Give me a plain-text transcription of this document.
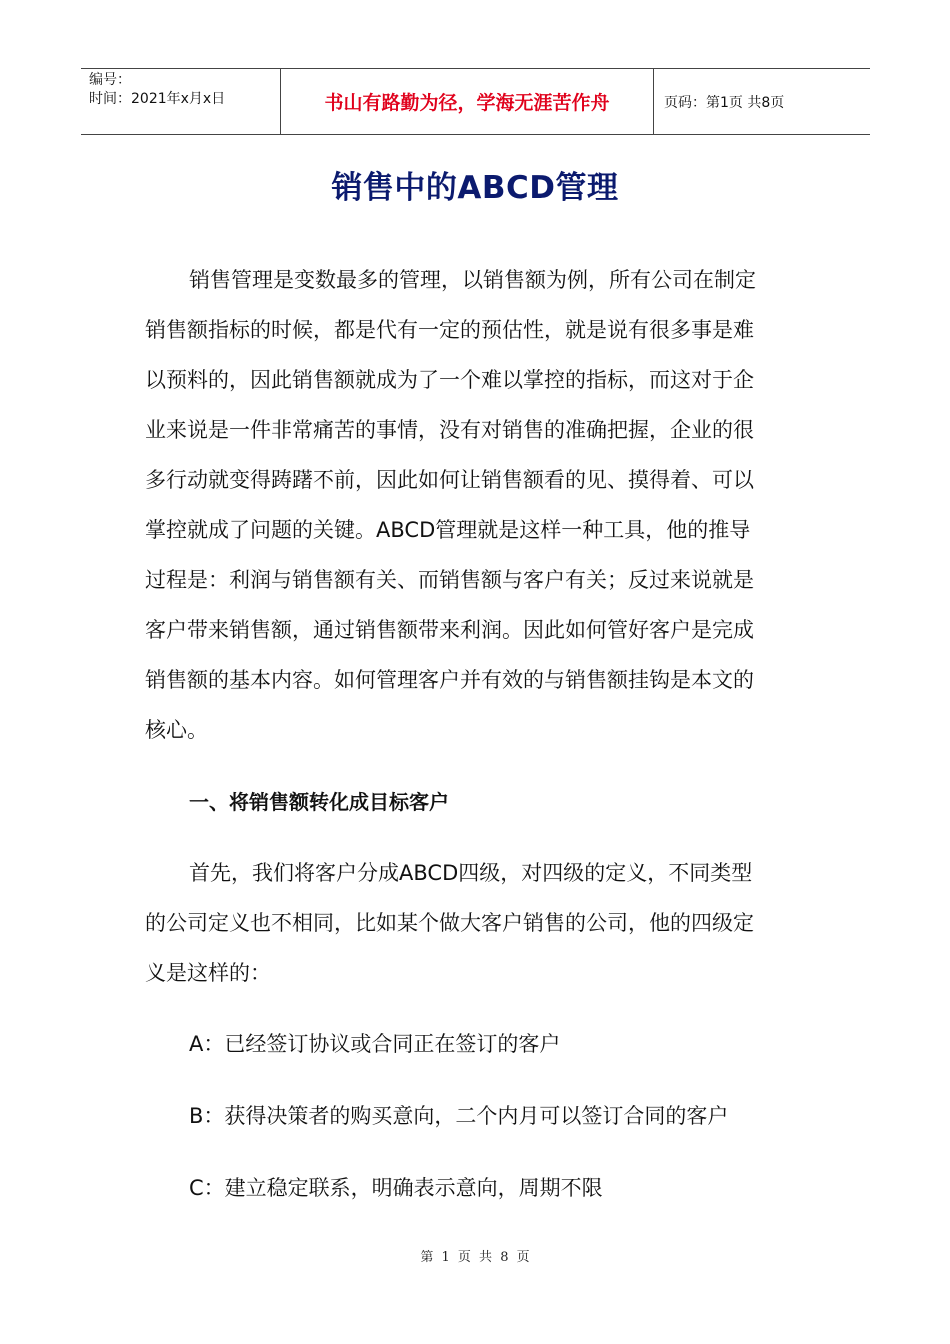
编号：
时间：2021年x月x日	书山有路勤为径，学海无涯苦作舟	页码：第1页 共8页
销售中的ABCD管理
销售管理是变数最多的管理，以销售额为例，所有公司在制定
销售额指标的时候，都是代有一定的预估性，就是说有很多事是难
以预料的，因此销售额就成为了一个难以掌控的指标，而这对于企
业来说是一件非常痛苦的事情，没有对销售的准确把握，企业的很
多行动就变得踌躇不前，因此如何让销售额看的见、摸得着、可以
掌控就成了问题的关键。ABCD管理就是这样一种工具，他的推导
过程是：利润与销售额有关、而销售额与客户有关；反过来说就是
客户带来销售额，通过销售额带来利润。因此如何管好客户是完成
销售额的基本内容。如何管理客户并有效的与销售额挂钩是本文的
核心。
一、将销售额转化成目标客户
首先，我们将客户分成ABCD四级，对四级的定义，不同类型
的公司定义也不相同，比如某个做大客户销售的公司，他的四级定
义是这样的：
A：已经签订协议或合同正在签订的客户
B：获得决策者的购买意向，二个内月可以签订合同的客户
C：建立稳定联系，明确表示意向，周期不限
第 1 页 共 8 页
